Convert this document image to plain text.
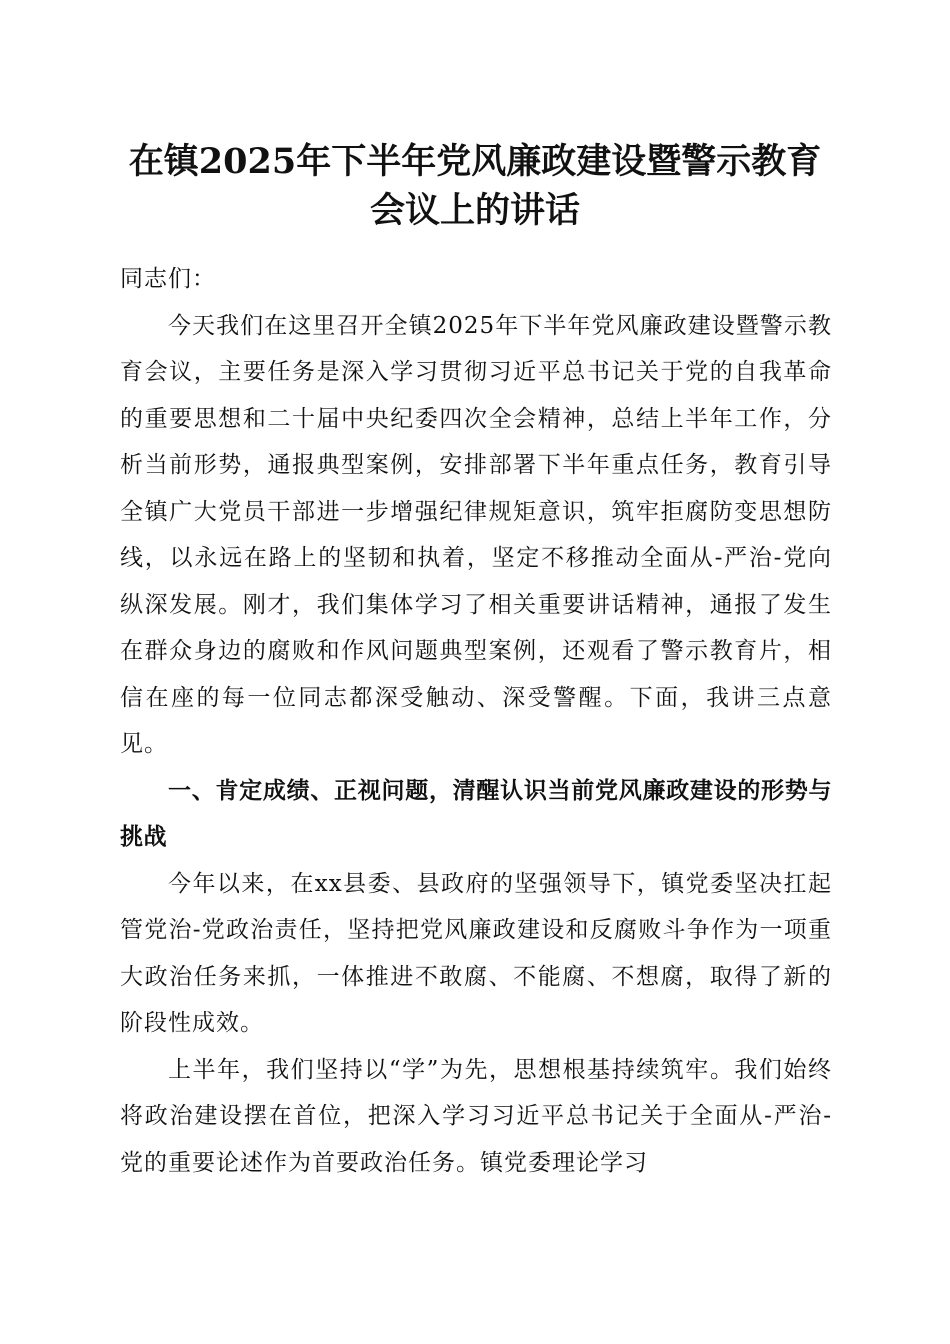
在镇2025年下半年党风廉政建设暨警示教育
会议上的讲话

同志们：

今天我们在这里召开全镇2025年下半年党风廉政建设暨警示教育会议，主要任务是深入学习贯彻习近平总书记关于党的自我革命的重要思想和二十届中央纪委四次全会精神，总结上半年工作，分析当前形势，通报典型案例，安排部署下半年重点任务，教育引导全镇广大党员干部进一步增强纪律规矩意识，筑牢拒腐防变思想防线，以永远在路上的坚韧和执着，坚定不移推动全面从-严治-党向纵深发展。刚才，我们集体学习了相关重要讲话精神，通报了发生在群众身边的腐败和作风问题典型案例，还观看了警示教育片，相信在座的每一位同志都深受触动、深受警醒。下面，我讲三点意见。

一、肯定成绩、正视问题，清醒认识当前党风廉政建设的形势与挑战

今年以来，在xx县委、县政府的坚强领导下，镇党委坚决扛起管党治-党政治责任，坚持把党风廉政建设和反腐败斗争作为一项重大政治任务来抓，一体推进不敢腐、不能腐、不想腐，取得了新的阶段性成效。

上半年，我们坚持以“学”为先，思想根基持续筑牢。我们始终将政治建设摆在首位，把深入学习习近平总书记关于全面从-严治-党的重要论述作为首要政治任务。镇党委理论学习
